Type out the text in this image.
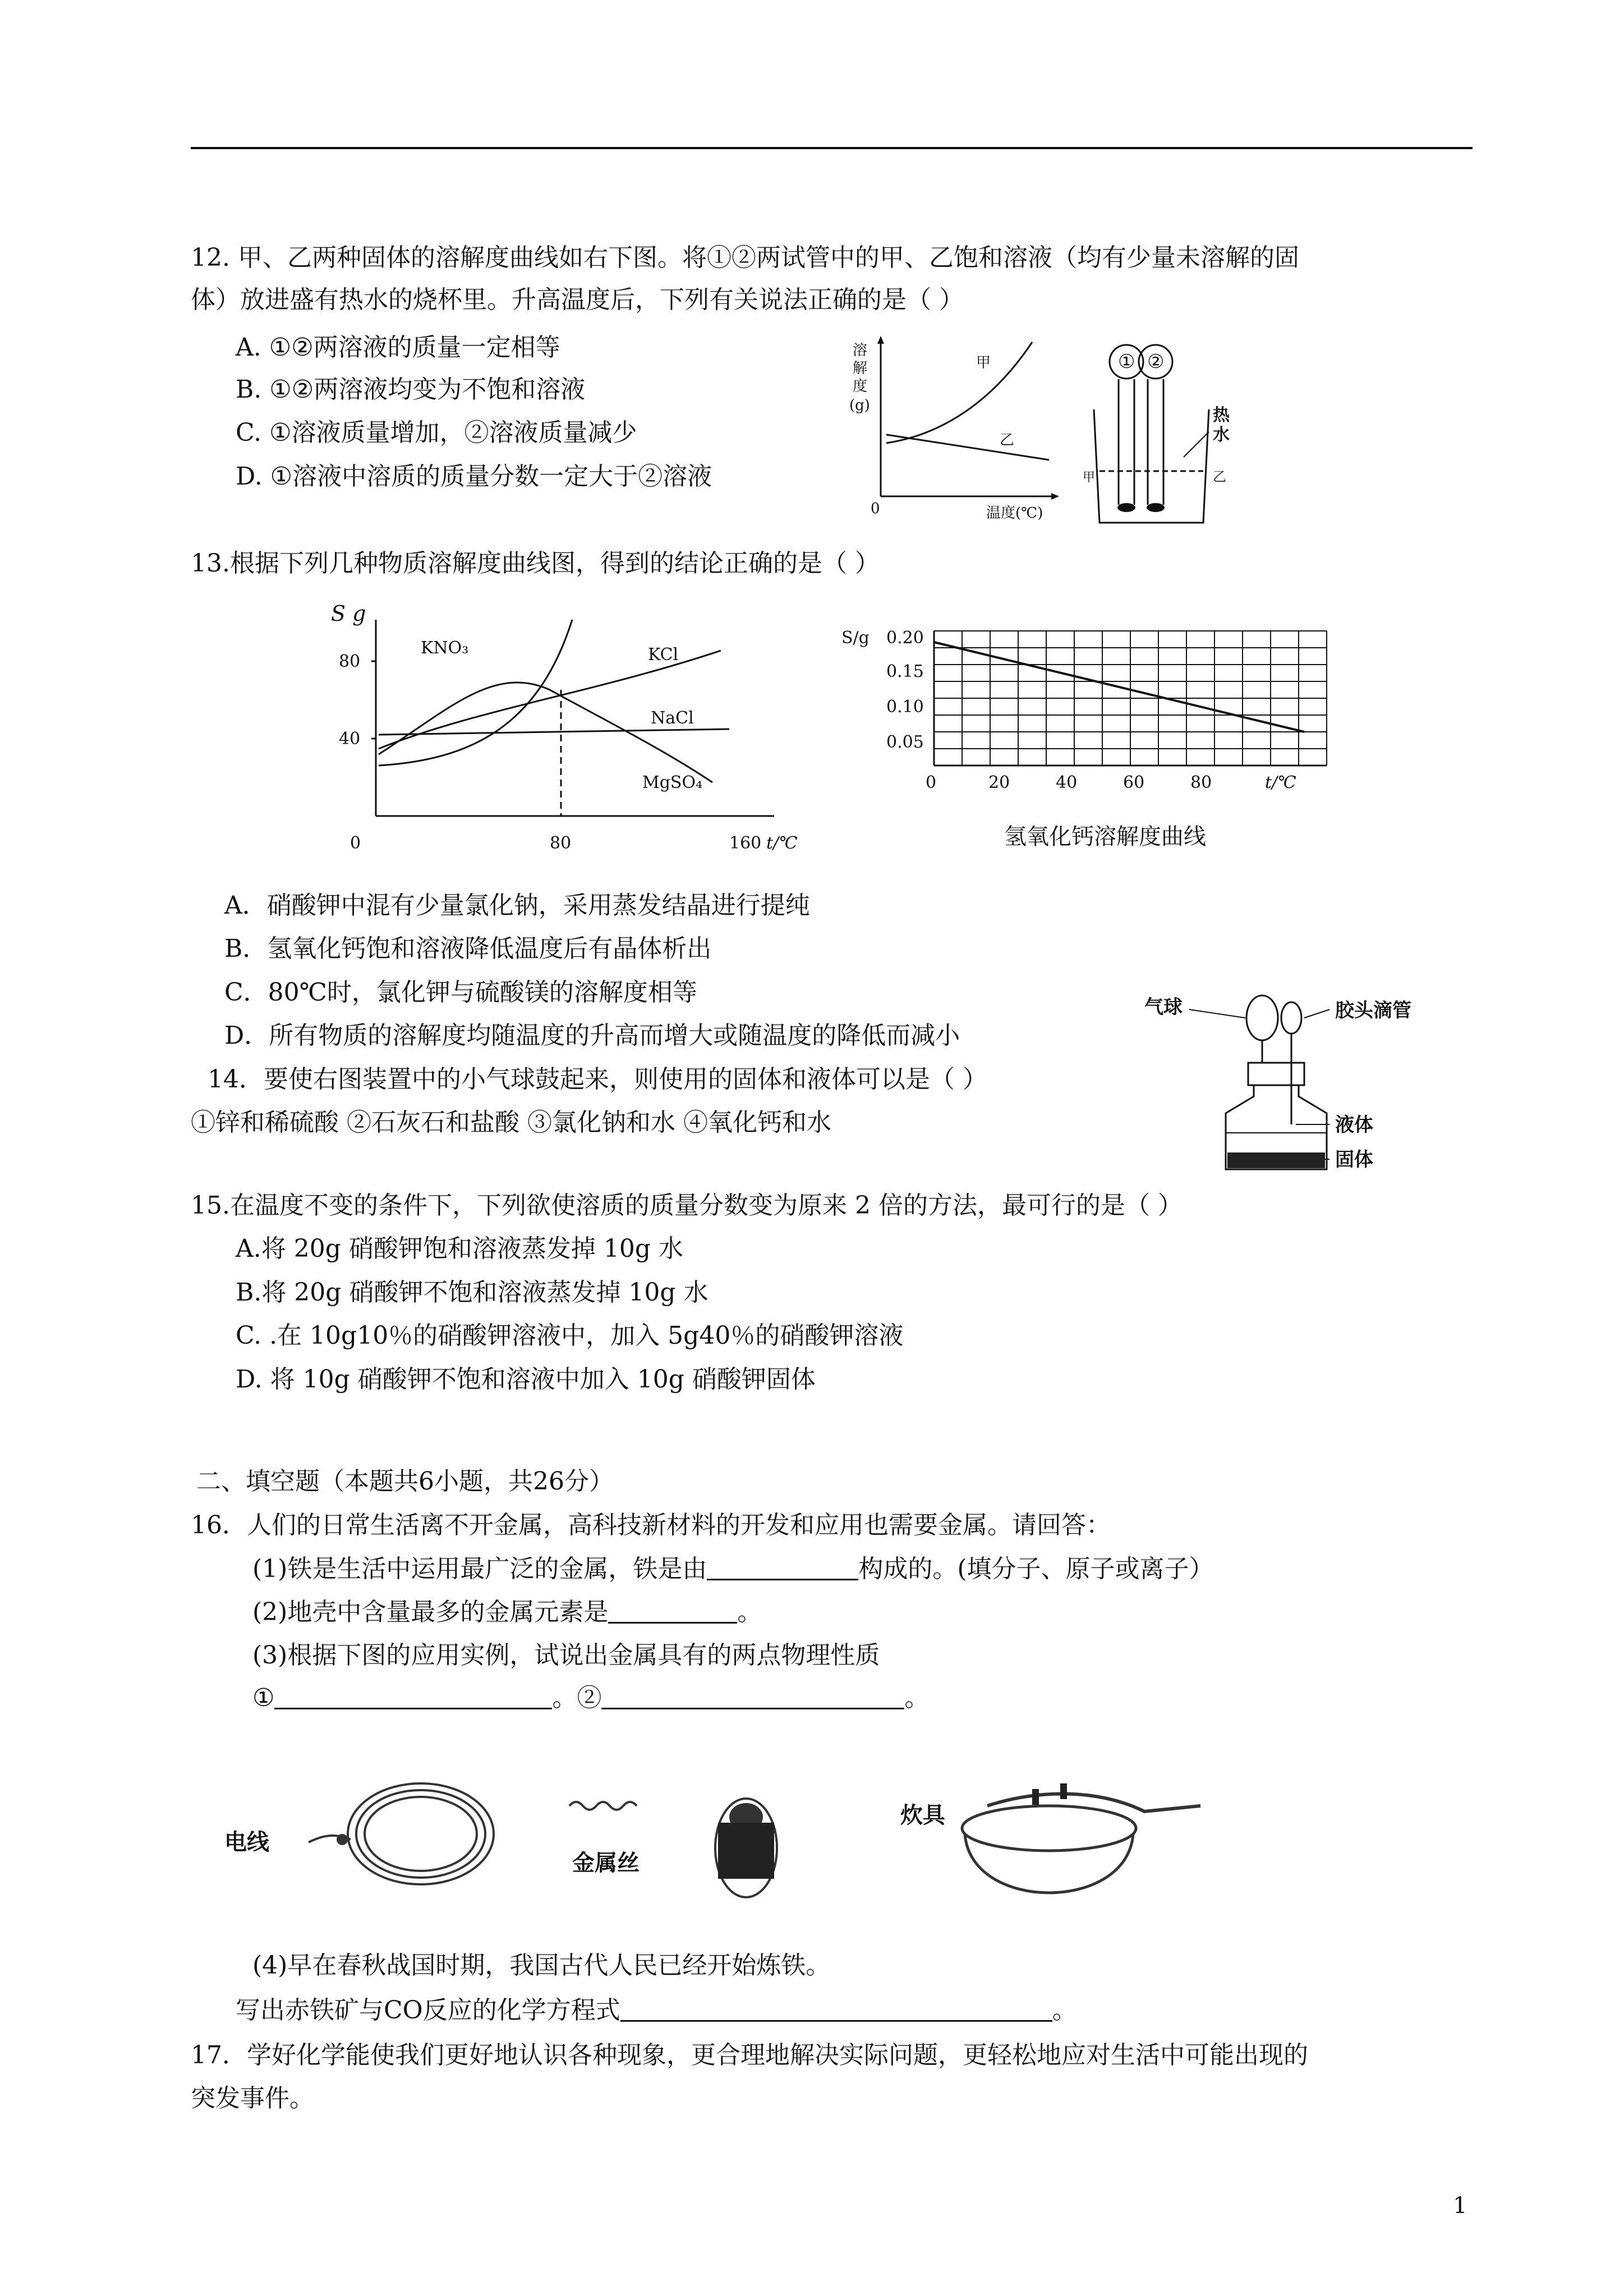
12. 甲、乙两种固体的溶解度曲线如右下图。将①②两试管中的甲、乙饱和溶液（均有少量未溶解的固
体）放进盛有热水的烧杯里。升高温度后，下列有关说法正确的是（ ）
A. ①②两溶液的质量一定相等
B. ①②两溶液均变为不饱和溶液
C. ①溶液质量增加，②溶液质量减少
D. ①溶液中溶质的质量分数一定大于②溶液
溶
解
度
(g)
0	温度(℃)
甲
乙
① ②
热
水
甲	乙
13.根据下列几种物质溶解度曲线图，得到的结论正确的是（ ）
S g
80
40
0	80	160 t/℃
KNO₃	KCl
NaCl
MgSO₄
S/g 0.20
0.15
0.10
0.05
0	20	40	60	80	t/℃
氢氧化钙溶解度曲线
A．硝酸钾中混有少量氯化钠，采用蒸发结晶进行提纯
B．氢氧化钙饱和溶液降低温度后有晶体析出
C．80℃时，氯化钾与硫酸镁的溶解度相等
D．所有物质的溶解度均随温度的升高而增大或随温度的降低而减小
14．要使右图装置中的小气球鼓起来，则使用的固体和液体可以是（ ）
①锌和稀硫酸 ②石灰石和盐酸 ③氯化钠和水 ④氧化钙和水
气球	胶头滴管
液体
固体
15.在温度不变的条件下，下列欲使溶质的质量分数变为原来 2 倍的方法，最可行的是（ ）
A.将 20g 硝酸钾饱和溶液蒸发掉 10g 水
B.将 20g 硝酸钾不饱和溶液蒸发掉 10g 水
C. .在 10g10％的硝酸钾溶液中，加入 5g40％的硝酸钾溶液
D. 将 10g 硝酸钾不饱和溶液中加入 10g 硝酸钾固体
二、填空题（本题共6小题，共26分）
16．人们的日常生活离不开金属，高科技新材料的开发和应用也需要金属。请回答：
(1)铁是生活中运用最广泛的金属，铁是由	构成的。(填分子、原子或离子）
(2)地壳中含量最多的金属元素是	。
(3)根据下图的应用实例，试说出金属具有的两点物理性质
①	。②	。
电线
金属丝
炊具
(4)早在春秋战国时期，我国古代人民已经开始炼铁。
写出赤铁矿与CO反应的化学方程式	。
17．学好化学能使我们更好地认识各种现象，更合理地解决实际问题，更轻松地应对生活中可能出现的
突发事件。
1
